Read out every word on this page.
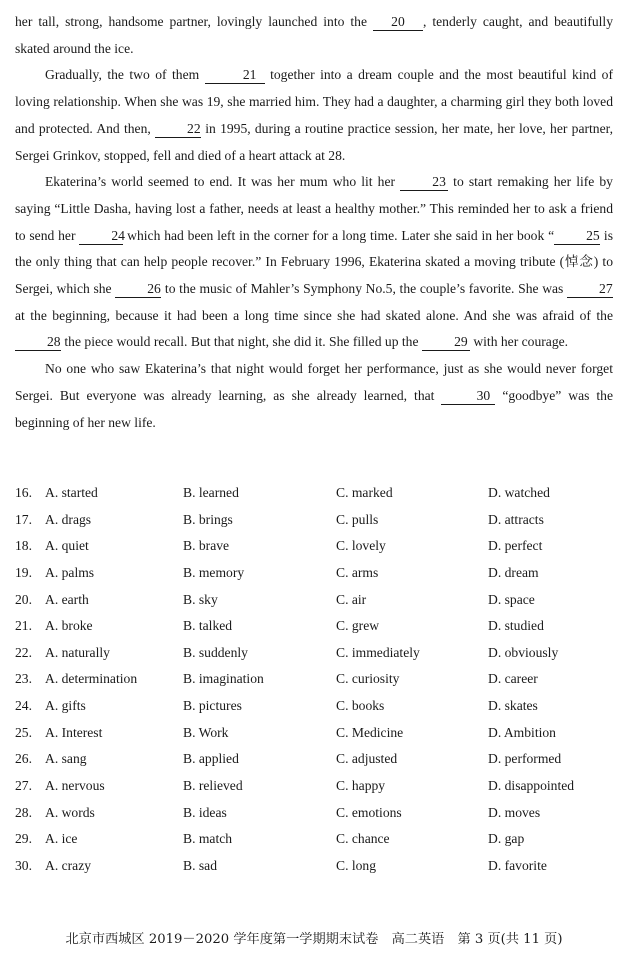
her tall, strong, handsome partner, lovingly launched into the 20 , tenderly caught, and beautifully skated around the ice.

Gradually, the two of them	21 together into a dream couple and the most beautiful kind of loving relationship. When she was 19, she married him. They had a daughter, a charming girl they both loved and protected. And then, 22 in 1995, during a routine practice session, her mate, her love, her partner, Sergei Grinkov, stopped, fell and died of a heart attack at 28.

Ekaterina’s world seemed to end. It was her mum who lit her 23 to start remaking her life by saying “Little Dasha, having lost a father, needs at least a healthy mother.” This reminded her to ask a friend to send her 24 which had been left in the corner for a long time. Later she said in her book “ 25 is the only thing that can help people recover.” In February 1996, Ekaterina skated a moving tribute (悼念) to Sergei, which she 26 to the music of Mahler’s Symphony No.5, the couple’s favorite. She was 27 at the beginning, because it had been a long time since she had skated alone. And she was afraid of the 28 the piece would recall. But that night, she did it. She filled up the 29 with her courage.

No one who saw Ekaterina’s that night would forget her performance, just as she would never forget Sergei. But everyone was already learning, as she already learned, that	30 “goodbye” was the beginning of her new life.

16. A. started	B. learned	C. marked	D. watched
17. A. drags	B. brings	C. pulls	D. attracts
18. A. quiet	B. brave	C. lovely	D. perfect
19. A. palms	B. memory	C. arms	D. dream
20. A. earth	B. sky	C. air	D. space
21. A. broke	B. talked	C. grew	D. studied
22. A. naturally	B. suddenly	C. immediately	D. obviously
23. A. determination	B. imagination	C. curiosity	D. career
24. A. gifts	B. pictures	C. books	D. skates
25. A. Interest	B. Work	C. Medicine	D. Ambition
26. A. sang	B. applied	C. adjusted	D. performed
27. A. nervous	B. relieved	C. happy	D. disappointed
28. A. words	B. ideas	C. emotions	D. moves
29. A. ice	B. match	C. chance	D. gap
30. A. crazy	B. sad	C. long	D. favorite
北京市西城区 2019－2020 学年度第一学期期末试卷　高二英语　第 3 页(共 11 页)
